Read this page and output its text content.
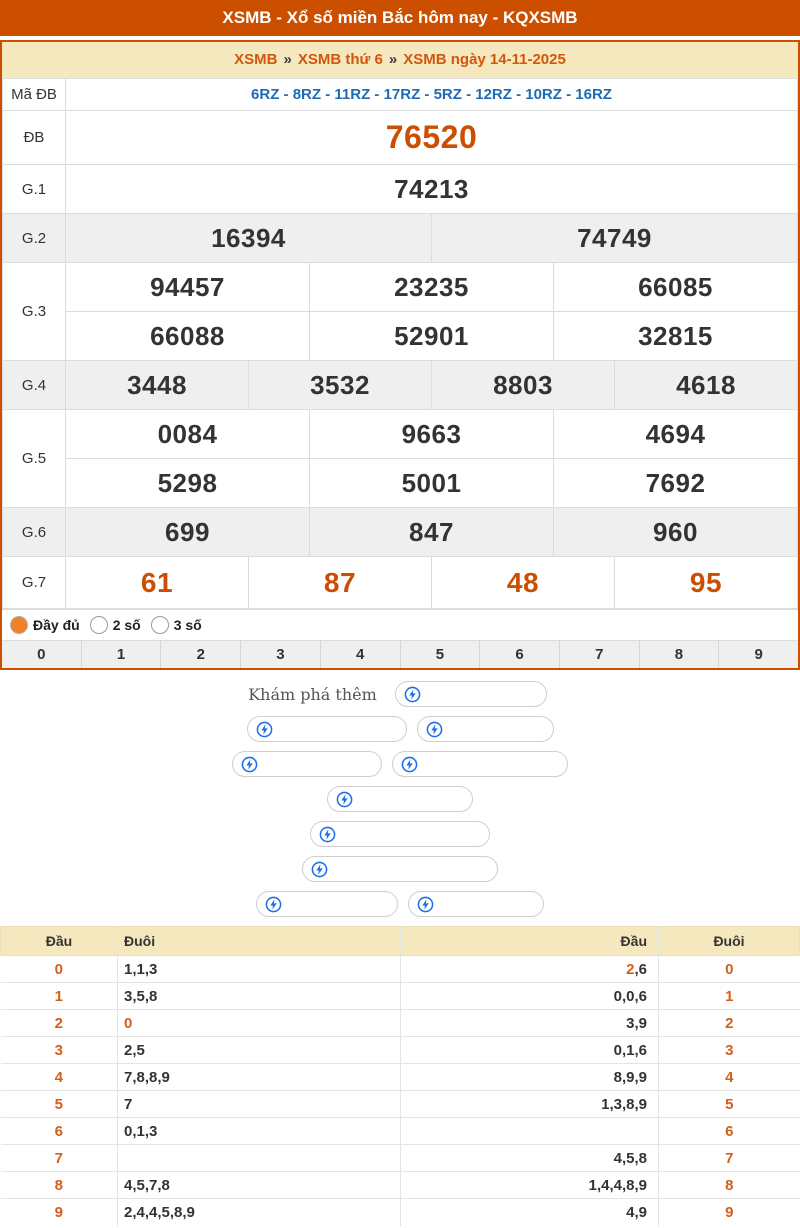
XSMB - Xổ số miền Bắc hôm nay - KQXSMB
XSMB » XSMB thứ 6 » XSMB ngày 14-11-2025
Mã ĐB	6RZ - 8RZ - 11RZ - 17RZ - 5RZ - 12RZ - 10RZ - 16RZ					
ĐB	76520					
G.1	74213					
G.2	16394			74749		
G.3	94457		23235		66085	
	66088		52901		32815	
G.4	3448	3532		8803		4618
G.5	0084		9663		4694	
	5298		5001		7692	
G.6	699		847		960	
G.7	61	87		48		95
Đầy đủ 2 số 3 số
0	1	2	3	4	5	6	7	8	9
Khám phá thêm
Đầu	Đuôi	Đầu	Đuôi
0	1,1,3	2,6	0
1	3,5,8	0,0,6	1
2	0	3,9	2
3	2,5	0,1,6	3
4	7,8,8,9	8,9,9	4
5	7	1,3,8,9	5
6	0,1,3		6
7		4,5,8	7
8	4,5,7,8	1,4,4,8,9	8
9	2,4,4,5,8,9	4,9	9
